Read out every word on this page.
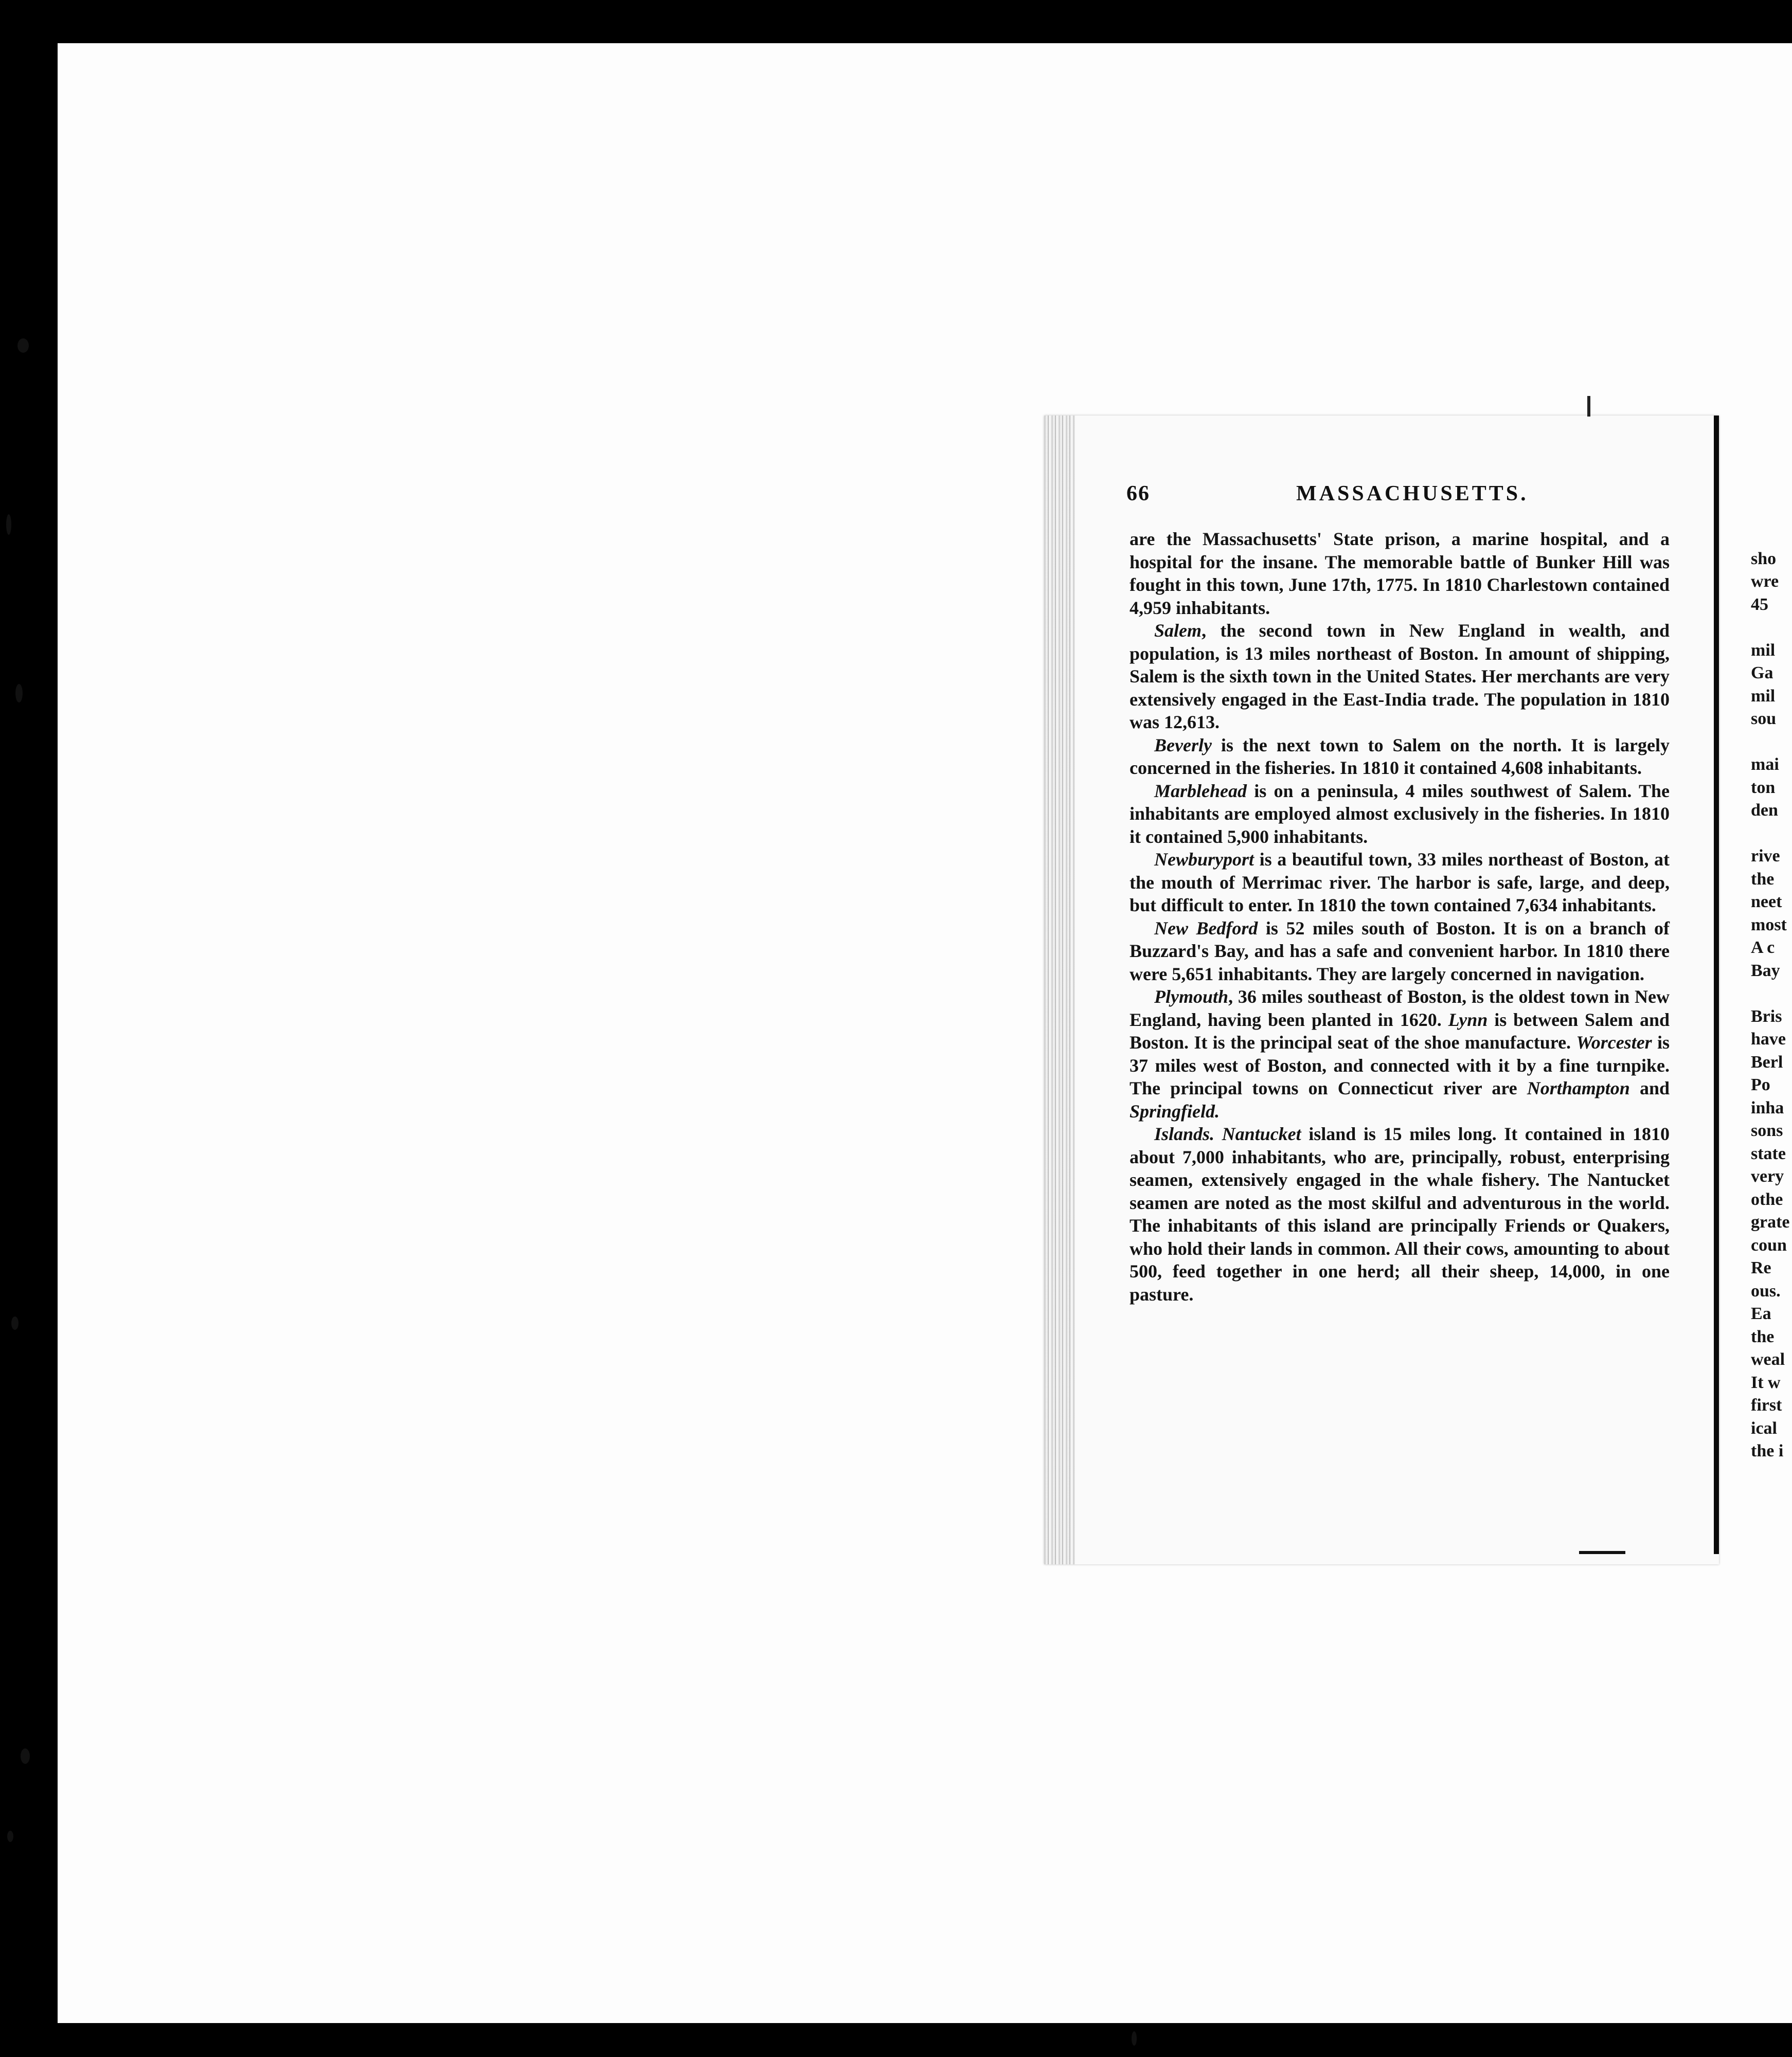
66	MASSACHUSETTS.

are the Massachusetts' State prison, a marine hospital, and a hospital for the insane. The memorable battle of Bunker Hill was fought in this town, June 17th, 1775. In 1810 Charlestown contained 4,959 inhabitants.

Salem, the second town in New England in wealth, and population, is 13 miles northeast of Boston. In amount of shipping, Salem is the sixth town in the United States. Her merchants are very extensively engaged in the East-India trade. The population in 1810 was 12,613.

Beverly is the next town to Salem on the north. It is largely concerned in the fisheries. In 1810 it contained 4,608 inhabitants.

Marblehead is on a peninsula, 4 miles southwest of Salem. The inhabitants are employed almost exclusively in the fisheries. In 1810 it contained 5,900 inhabitants.

Newburyport is a beautiful town, 33 miles northeast of Boston, at the mouth of Merrimac river. The harbor is safe, large, and deep, but difficult to enter. In 1810 the town contained 7,634 inhabitants.

New Bedford is 52 miles south of Boston. It is on a branch of Buzzard's Bay, and has a safe and convenient harbor. In 1810 there were 5,651 inhabitants. They are largely concerned in navigation.

Plymouth, 36 miles southeast of Boston, is the oldest town in New England, having been planted in 1620. Lynn is between Salem and Boston. It is the principal seat of the shoe manufacture. Worcester is 37 miles west of Boston, and connected with it by a fine turnpike. The principal towns on Connecticut river are Northampton and Springfield.

Islands. Nantucket island is 15 miles long. It contained in 1810 about 7,000 inhabitants, who are, principally, robust, enterprising seamen, extensively engaged in the whale fishery. The Nantucket seamen are noted as the most skilful and adventurous in the world. The inhabitants of this island are principally Friends or Quakers, who hold their lands in common. All their cows, amounting to about 500, feed together in one herd; all their sheep, 14,000, in one pasture.

sho
wre
45
mil
Ga
mil
sou
mai
ton
den
rive
the
neet
most
A c
Bay
Bris
have
Berl
Po
inha
sons
state
very
othe
grate
coun
Re
ous.
Ea
the
weal
It w
first
ical
the i
